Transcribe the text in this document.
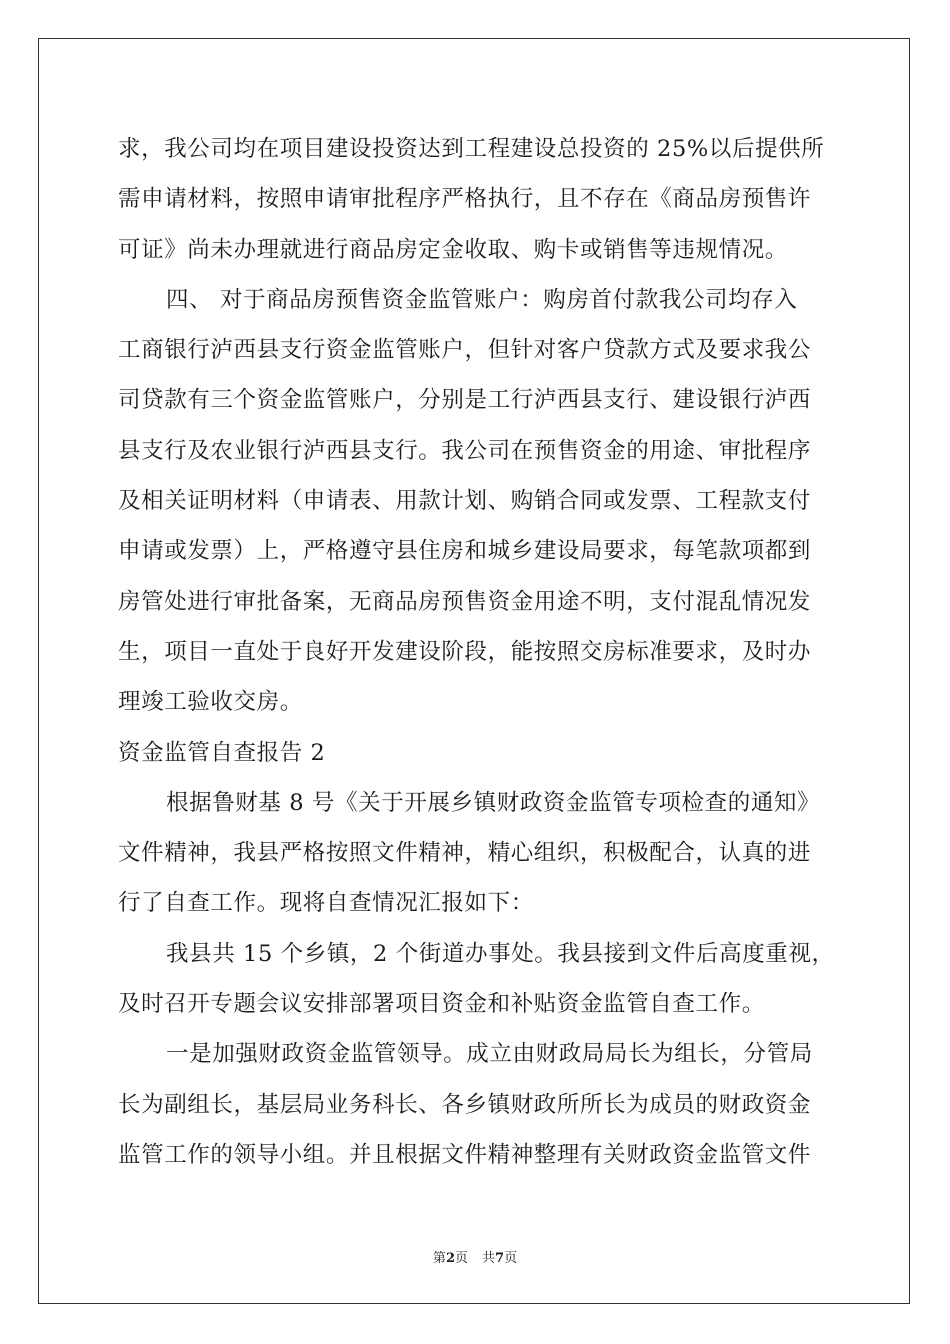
求，我公司均在项目建设投资达到工程建设总投资的 25%以后提供所
需申请材料，按照申请审批程序严格执行，且不存在《商品房预售许
可证》尚未办理就进行商品房定金收取、购卡或销售等违规情况。
四、 对于商品房预售资金监管账户：购房首付款我公司均存入
工商银行泸西县支行资金监管账户，但针对客户贷款方式及要求我公
司贷款有三个资金监管账户，分别是工行泸西县支行、建设银行泸西
县支行及农业银行泸西县支行。我公司在预售资金的用途、审批程序
及相关证明材料（申请表、用款计划、购销合同或发票、工程款支付
申请或发票）上，严格遵守县住房和城乡建设局要求，每笔款项都到
房管处进行审批备案，无商品房预售资金用途不明，支付混乱情况发
生，项目一直处于良好开发建设阶段，能按照交房标准要求，及时办
理竣工验收交房。
资金监管自查报告 2
根据鲁财基 8 号《关于开展乡镇财政资金监管专项检查的通知》
文件精神，我县严格按照文件精神，精心组织，积极配合，认真的进
行了自查工作。现将自查情况汇报如下：
我县共 15 个乡镇，2 个街道办事处。我县接到文件后高度重视，
及时召开专题会议安排部署项目资金和补贴资金监管自查工作。
一是加强财政资金监管领导。成立由财政局局长为组长，分管局
长为副组长，基层局业务科长、各乡镇财政所所长为成员的财政资金
监管工作的领导小组。并且根据文件精神整理有关财政资金监管文件
第2页 共7页
